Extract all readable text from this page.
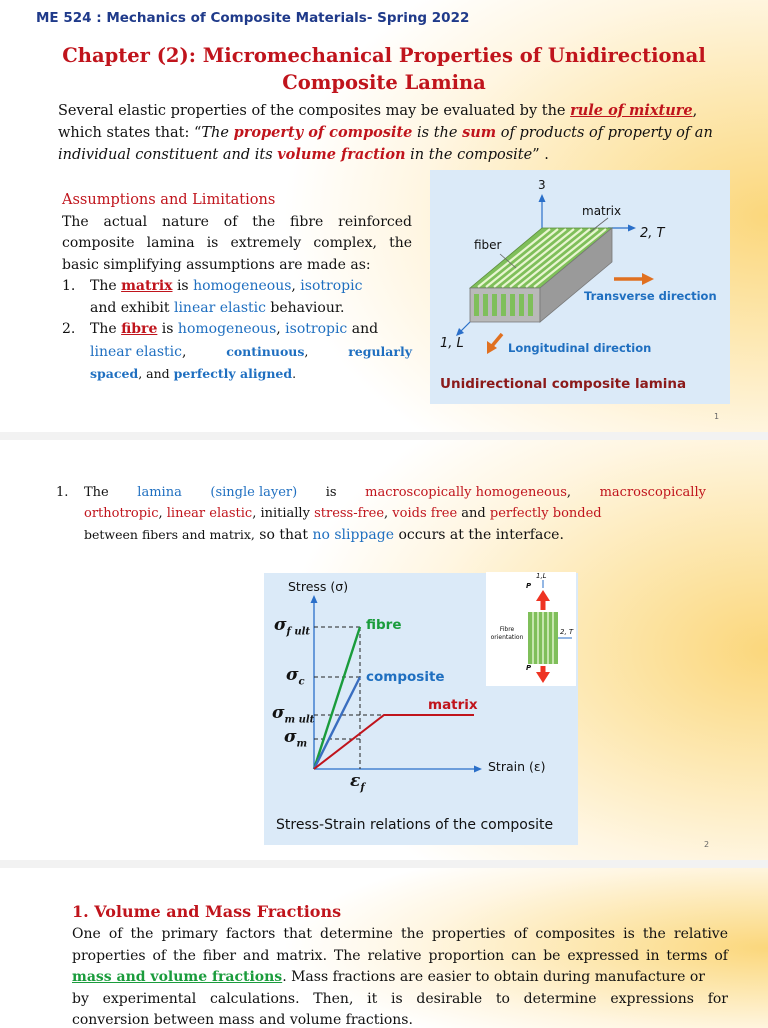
ME 524 : Mechanics of Composite Materials- Spring 2022
Chapter (2): Micromechanical Properties of Unidirectional
Composite Lamina
Several elastic properties of the composites may be evaluated by the rule of mixture,
which states that: “The property of composite is the sum of products of property of an
individual constituent and its volume fraction in the composite” .
Assumptions and Limitations
The actual nature of the fibre reinforced
composite lamina is extremely complex, the
basic simplifying assumptions are made as:
1. The matrix is homogeneous, isotropic
and exhibit linear elastic behaviour.
2. The fibre is homogeneous, isotropic and

linear elastic,	continuous,	regularly
spaced, and perfectly aligned.
3
matrix
fiber
2, T
Transverse direction
1, L	Longitudinal direction
Unidirectional composite lamina
1
1. The lamina (single layer) is macroscopically homogeneous, macroscopically
orthotropic, linear elastic, initially stress-free, voids free and perfectly bonded
between fibers and matrix, so that no slippage occurs at the interface.
Stress (σ)
Strain (ε)
Stress-Strain relations of the composite
fibre
composite
matrix
$\sigma_{f ult}$
$\sigma_c$
$\sigma_{m ult}$
$\sigma_m$
$\varepsilon_f$
1,L
P
P
Fibre
orientation
2, T
2
1. Volume and Mass Fractions
One of the primary factors that determine the properties of composites is the relative
properties of the fiber and matrix. The relative proportion can be expressed in terms of
mass and volume fractions. Mass fractions are easier to obtain during manufacture or
by experimental calculations. Then, it is desirable to determine expressions for
conversion between mass and volume fractions.
